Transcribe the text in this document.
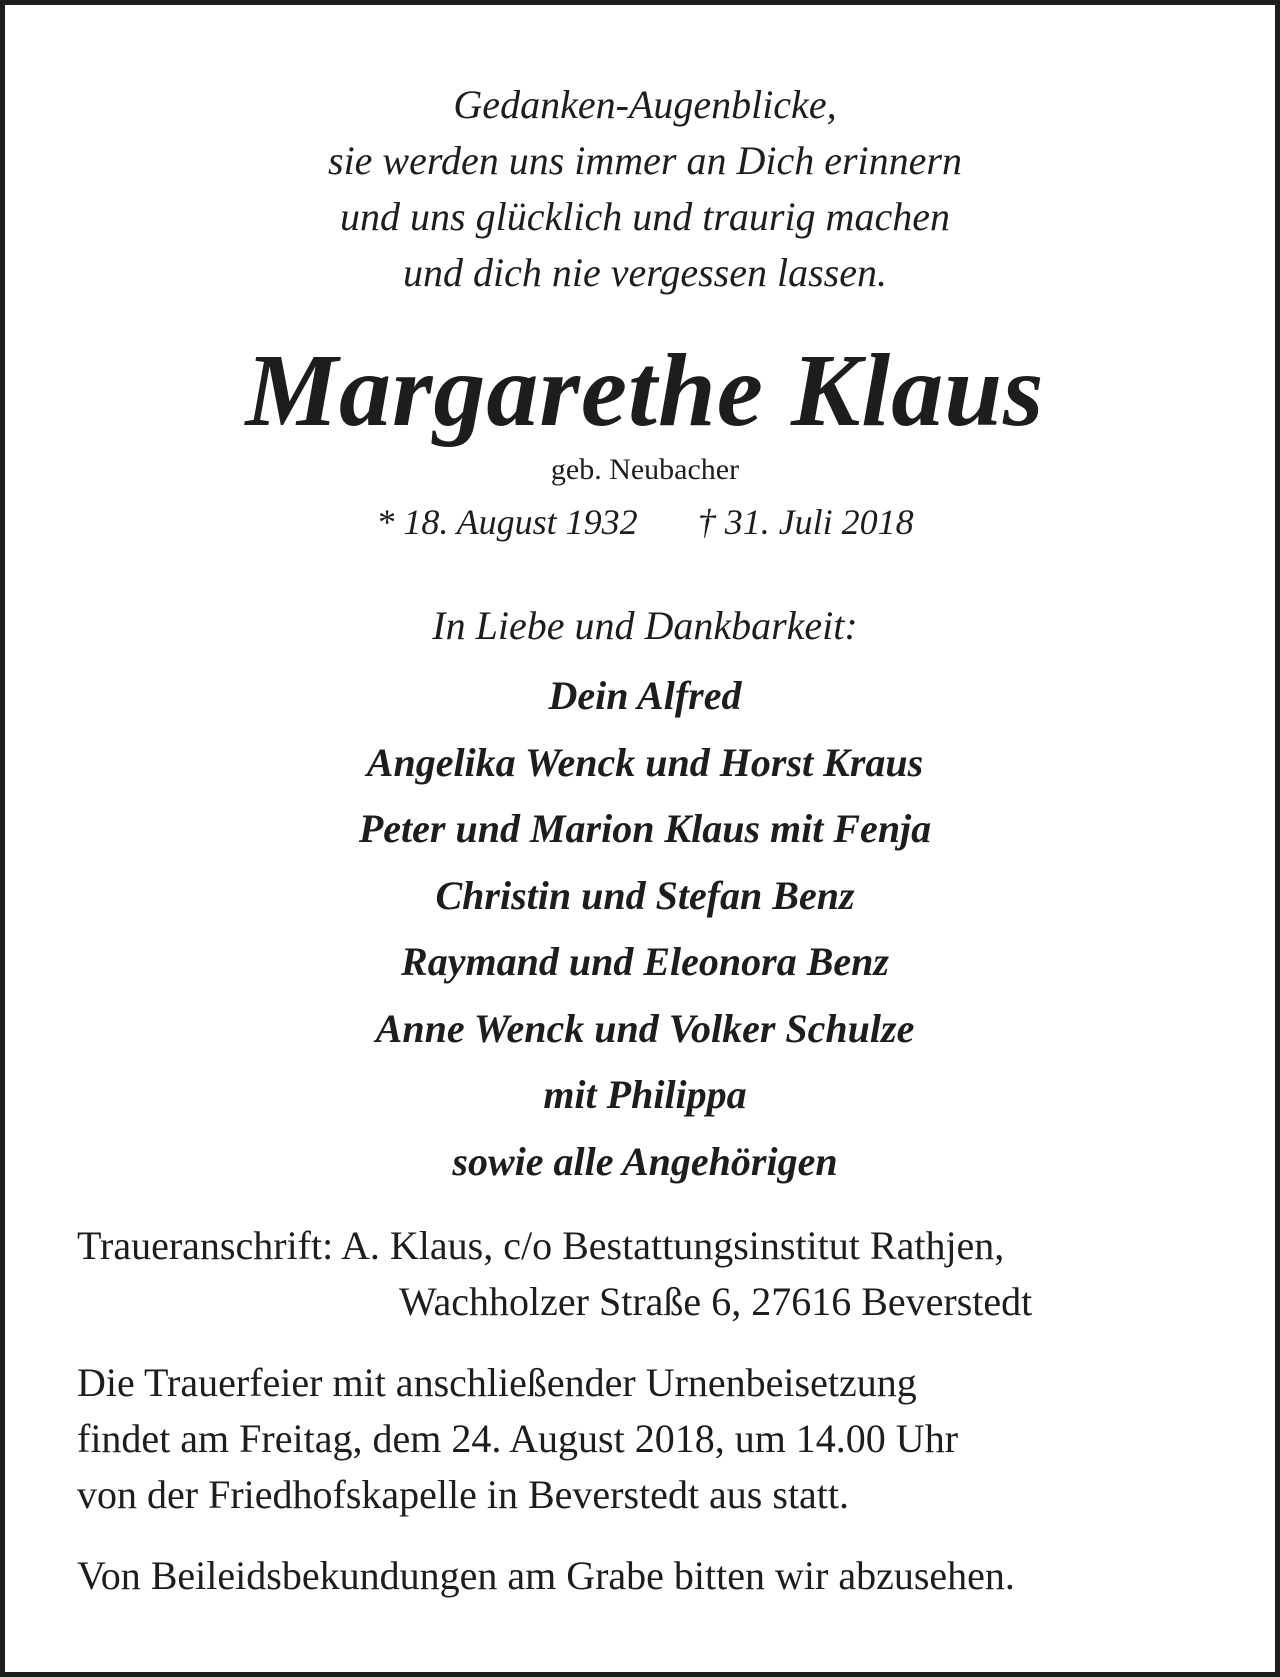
Gedanken-Augenblicke,
sie werden uns immer an Dich erinnern
und uns glücklich und traurig machen
und dich nie vergessen lassen.
Margarethe Klaus
geb. Neubacher
* 18. August 1932 † 31. Juli 2018
In Liebe und Dankbarkeit:
Dein Alfred
Angelika Wenck und Horst Kraus
Peter und Marion Klaus mit Fenja
Christin und Stefan Benz
Raymand und Eleonora Benz
Anne Wenck und Volker Schulze
mit Philippa
sowie alle Angehörigen
Traueranschrift: A. Klaus, c/o Bestattungsinstitut Rathjen,
Wachholzer Straße 6, 27616 Beverstedt
Die Trauerfeier mit anschließender Urnenbeisetzung
findet am Freitag, dem 24. August 2018, um 14.00 Uhr
von der Friedhofskapelle in Beverstedt aus statt.
Von Beileidsbekundungen am Grabe bitten wir abzusehen.
